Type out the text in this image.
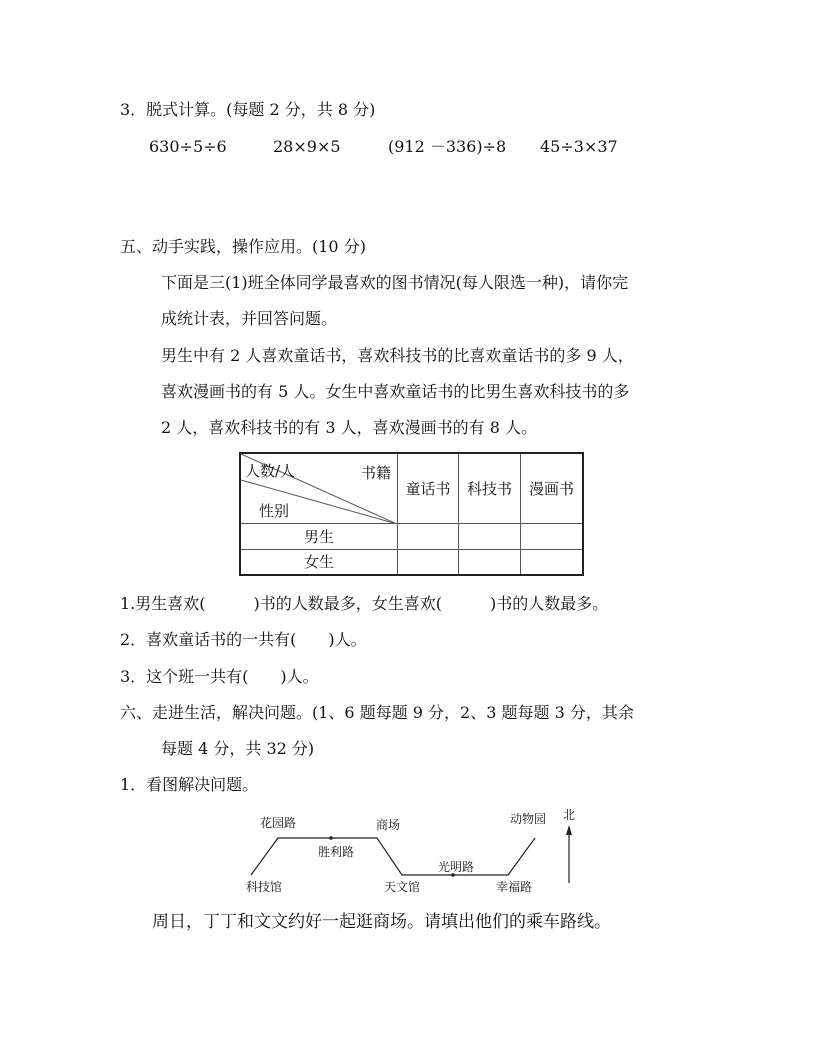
3．脱式计算。(每题 2 分，共 8 分)
630÷5÷6	28×9×5	(912 －336)÷8 45÷3×37
五、动手实践，操作应用。(10 分)
下面是三(1)班全体同学最喜欢的图书情况(每人限选一种)，请你完
成统计表，并回答问题。
男生中有 2 人喜欢童话书，喜欢科技书的比喜欢童话书的多 9 人，
喜欢漫画书的有 5 人。女生中喜欢童话书的比男生喜欢科技书的多
2 人，喜欢科技书的有 3 人，喜欢漫画书的有 8 人。
人数/人 书籍
性别	童话书	科技书	漫画书
男生			
女生			
1.男生喜欢(　　　)书的人数最多，女生喜欢(　　　)书的人数最多。
2．喜欢童话书的一共有(　　)人。
3．这个班一共有(　　)人。
六、走进生活，解决问题。(1、6 题每题 9 分，2、3 题每题 3 分，其余
每题 4 分，共 32 分)
1．看图解决问题。
花园路	商场
胜利路
动物园 北
科技馆
光明路
天文馆	幸福路
周日，丁丁和文文约好一起逛商场。请填出他们的乘车路线。
